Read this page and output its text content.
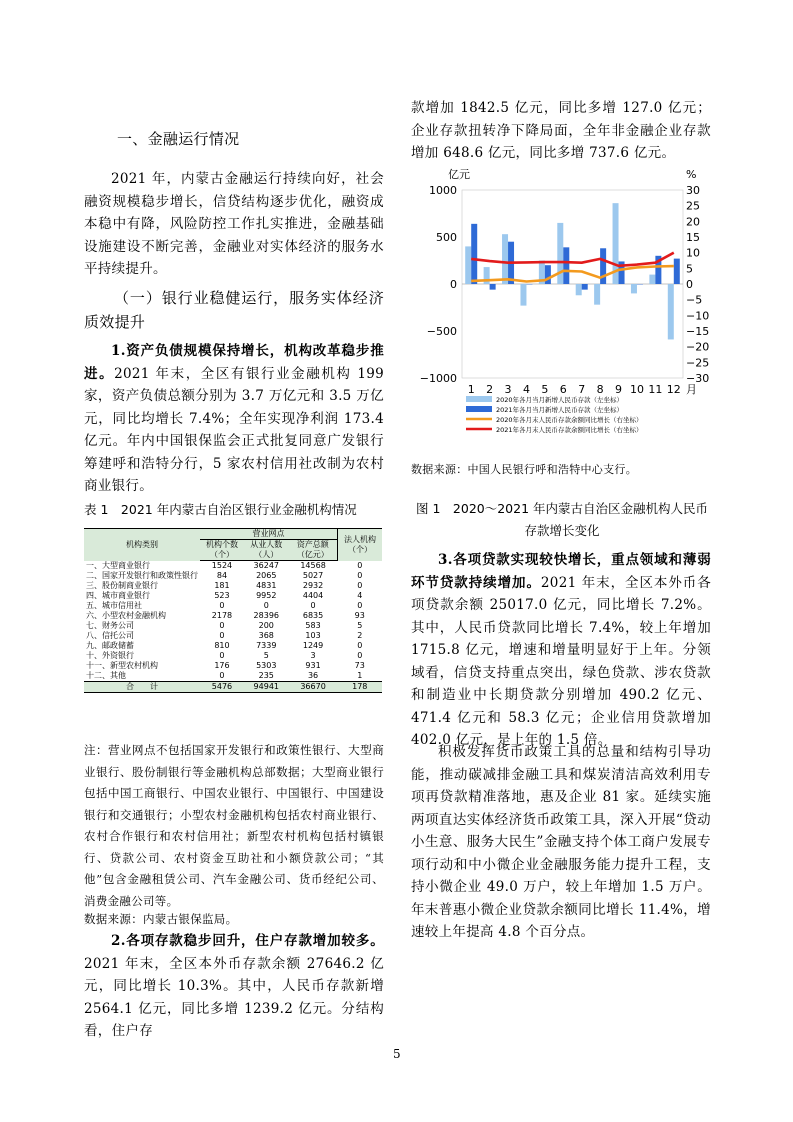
一、金融运行情况
2021 年，内蒙古金融运行持续向好，社会融资规模稳步增长，信贷结构逐步优化，融资成本稳中有降，风险防控工作扎实推进，金融基础设施建设不断完善，金融业对实体经济的服务水平持续提升。
（一）银行业稳健运行，服务实体经济质效提升
1.资产负债规模保持增长，机构改革稳步推进。2021 年末，全区有银行业金融机构 199 家，资产负债总额分别为 3.7 万亿元和 3.5 万亿元，同比均增长 7.4%；全年实现净利润 173.4 亿元。年内中国银保监会正式批复同意广发银行筹建呼和浩特分行，5 家农村信用社改制为农村商业银行。
表 1　2021 年内蒙古自治区银行业金融机构情况
机构类别	营业网点			法人机构（个）
	机构个数（个）	从业人数（人）	资产总额（亿元）	
一、大型商业银行	1524	36247	14568	0
二、国家开发银行和政策性银行	84	2065	5027	0
三、股份制商业银行	181	4831	2932	0
四、城市商业银行	523	9952	4404	4
五、城市信用社	0	0	0	0
六、小型农村金融机构	2178	28396	6835	93
七、财务公司	0	200	583	5
八、信托公司	0	368	103	2
九、邮政储蓄	810	7339	1249	0
十、外资银行	0	5	3	0
十一、新型农村机构	176	5303	931	73
十二、其他	0	235	36	1
合　　计	5476	94941	36670	178
注：营业网点不包括国家开发银行和政策性银行、大型商业银行、股份制银行等金融机构总部数据；大型商业银行包括中国工商银行、中国农业银行、中国银行、中国建设银行和交通银行；小型农村金融机构包括农村商业银行、农村合作银行和农村信用社；新型农村机构包括村镇银行、贷款公司、农村资金互助社和小额贷款公司；“其他”包含金融租赁公司、汽车金融公司、货币经纪公司、消费金融公司等。
数据来源：内蒙古银保监局。
2.各项存款稳步回升，住户存款增加较多。2021 年末，全区本外币存款余额 27646.2 亿元，同比增长 10.3%。其中，人民币存款新增 2564.1 亿元，同比多增 1239.2 亿元。分结构看，住户存
款增加 1842.5 亿元，同比多增 127.0 亿元；企业存款扭转净下降局面，全年非金融企业存款增加 648.6 亿元，同比多增 737.6 亿元。
1000
500
0
−500
−1000
30
25
20
15
10
5
0
−5
−10
−15
−20
−25
−30
1 2 3 4 5 6 7 8 9 10 11 12 月
亿元	%
2020年各月当月新增人民币存款（左坐标）
2021年各月当月新增人民币存款（左坐标）
2020年各月末人民币存款余额同比增长（右坐标）
2021年各月末人民币存款余额同比增长（右坐标）
数据来源：中国人民银行呼和浩特中心支行。
图 1　2020～2021 年内蒙古自治区金融机构人民币存款增长变化
3.各项贷款实现较快增长，重点领域和薄弱环节贷款持续增加。2021 年末，全区本外币各项贷款余额 25017.0 亿元，同比增长 7.2%。其中，人民币贷款同比增长 7.4%，较上年增加 1715.8 亿元，增速和增量明显好于上年。分领域看，信贷支持重点突出，绿色贷款、涉农贷款和制造业中长期贷款分别增加 490.2 亿元、471.4 亿元和 58.3 亿元；企业信用贷款增加 402.0 亿元，是上年的 1.5 倍。
积极发挥货币政策工具的总量和结构引导功能，推动碳减排金融工具和煤炭清洁高效利用专项再贷款精准落地，惠及企业 81 家。延续实施两项直达实体经济货币政策工具，深入开展“贷动小生意、服务大民生”金融支持个体工商户发展专项行动和中小微企业金融服务能力提升工程，支持小微企业 49.0 万户，较上年增加 1.5 万户。年末普惠小微企业贷款余额同比增长 11.4%，增速较上年提高 4.8 个百分点。
5
